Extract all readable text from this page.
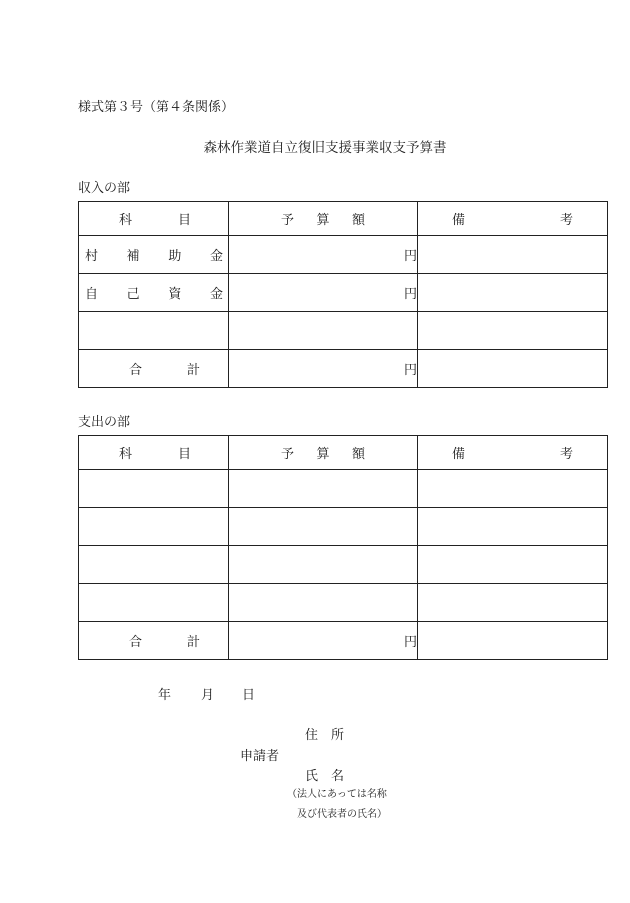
様式第３号（第４条関係）
森林作業道自立復旧支援事業収支予算書
収入の部
科 目	予 算 額	備 考

村 補 助 金	円	

自 己 資 金	円	

合 計	円	
支出の部
科 目	予 算 額	備 考

合 計	円	
年 月 日
住　所
申請者
氏　名
（法人にあっては名称
及び代表者の氏名）
